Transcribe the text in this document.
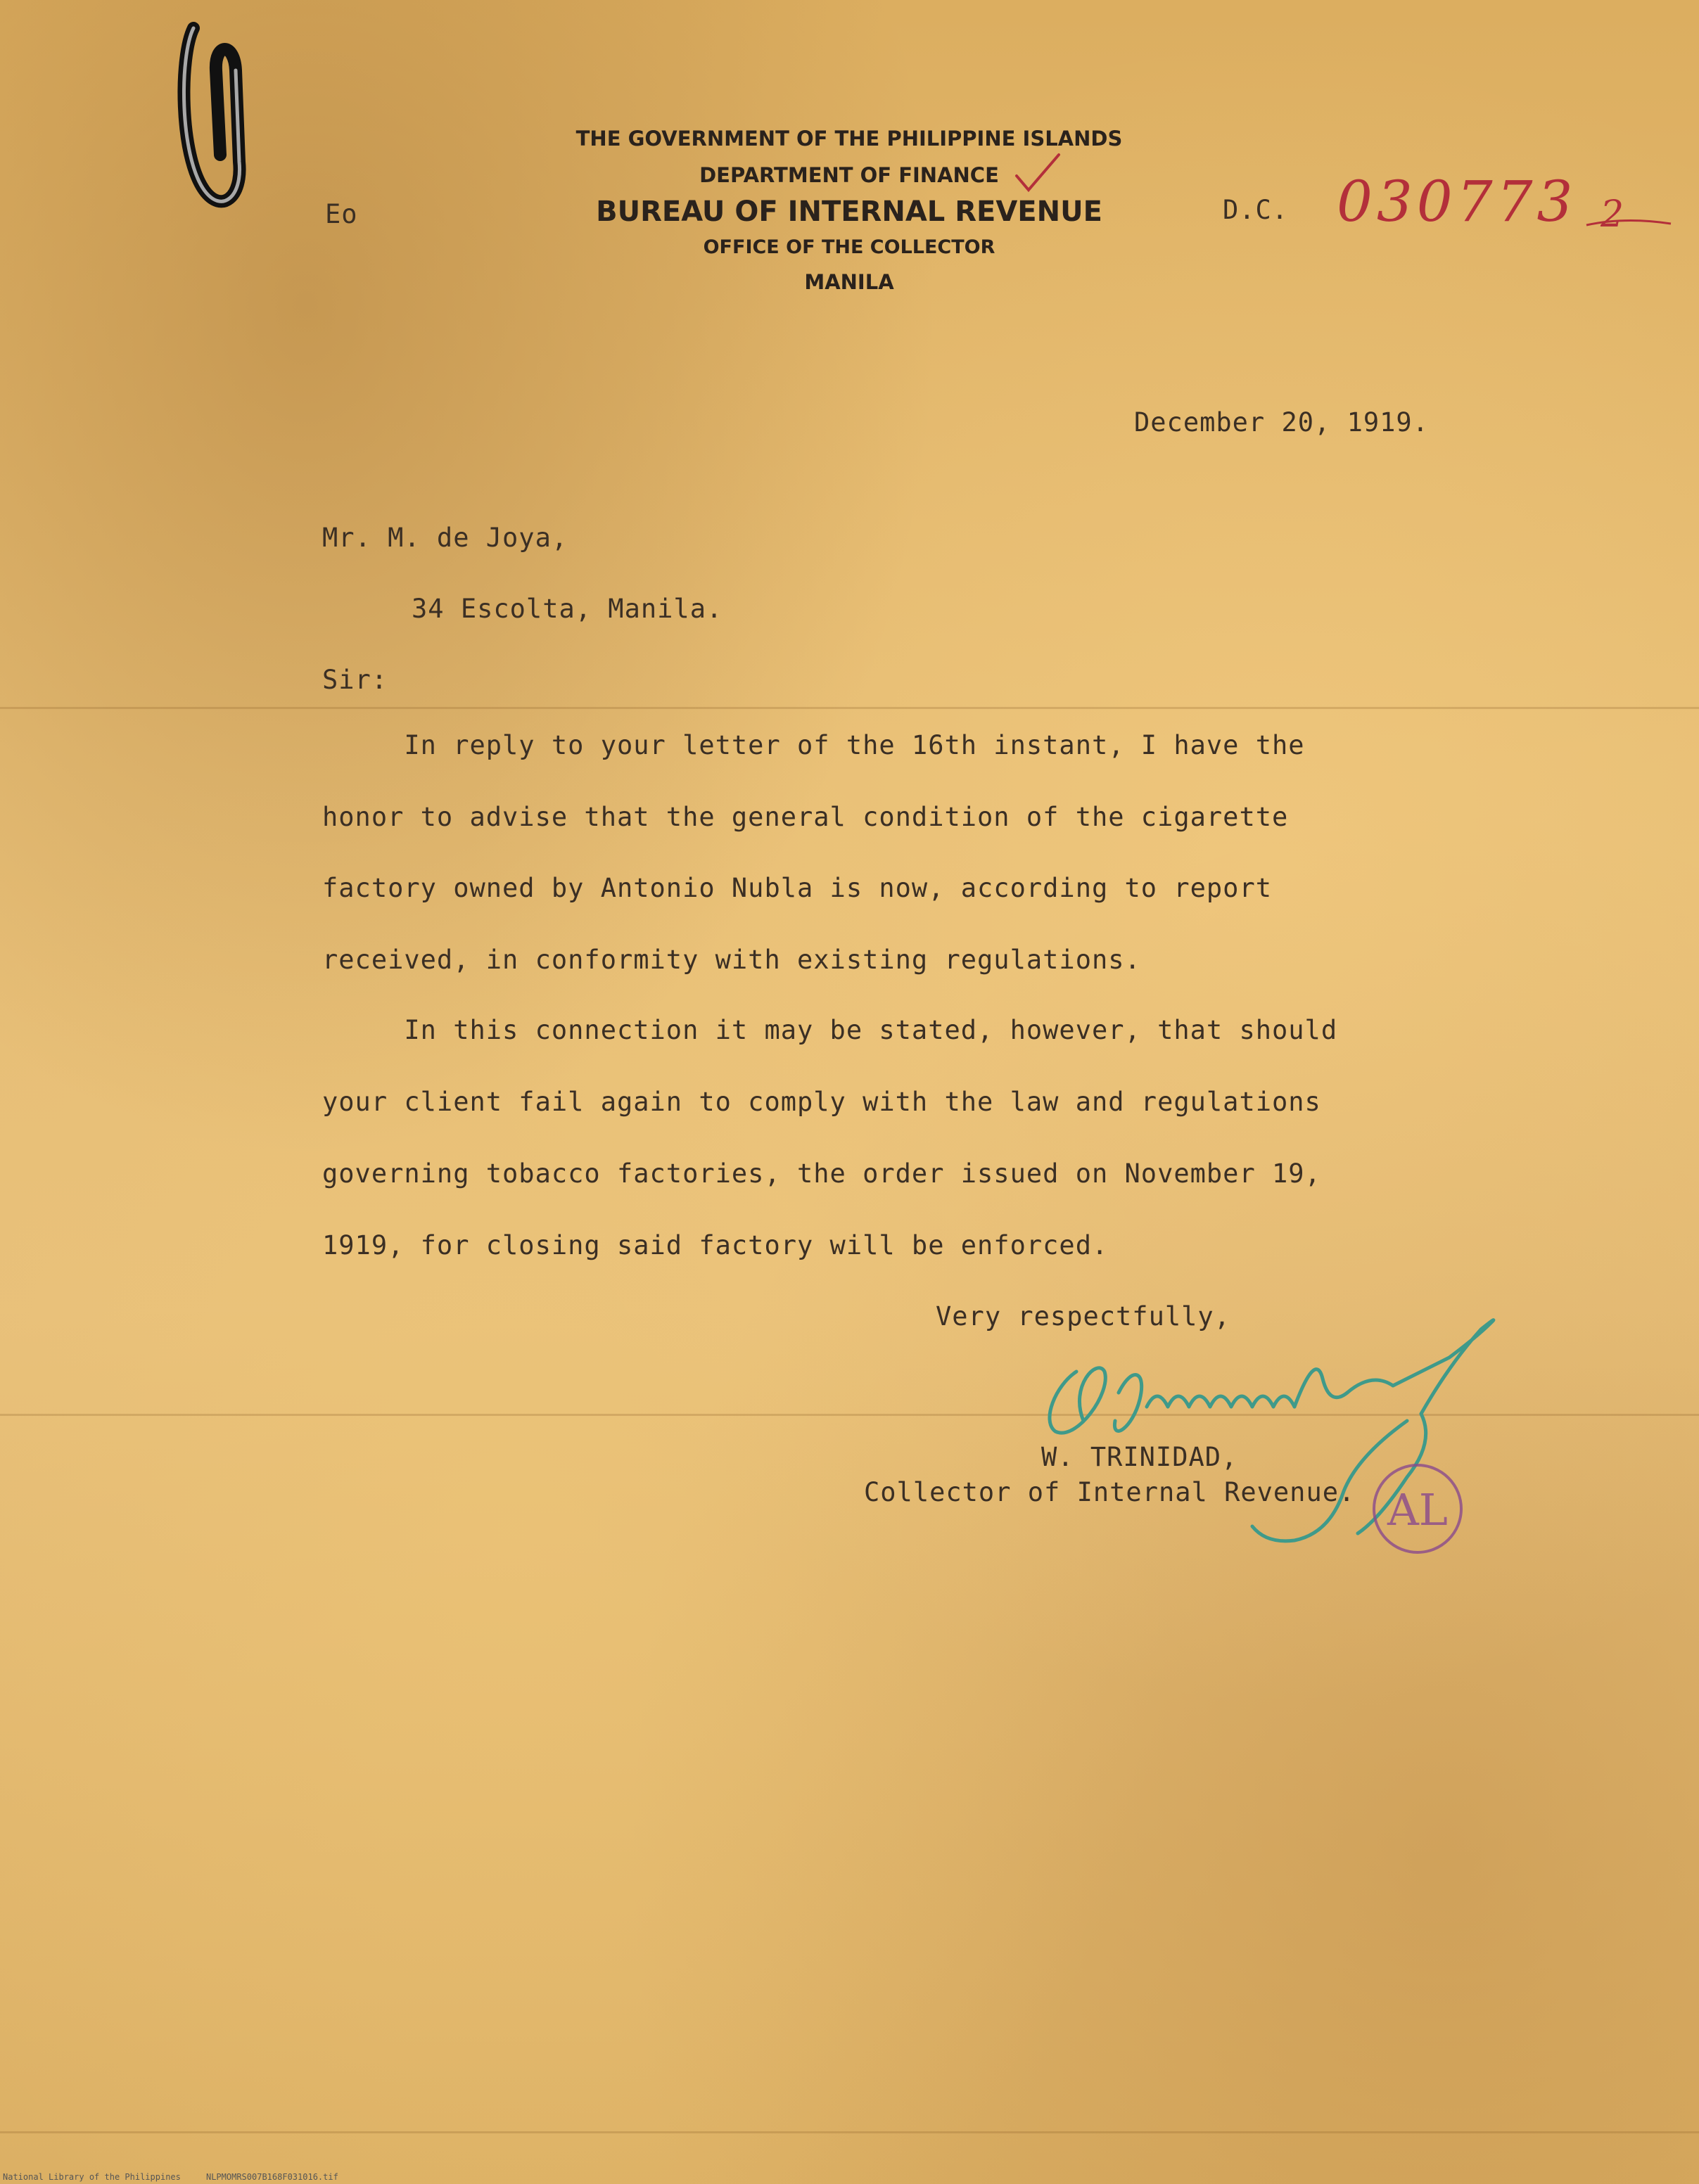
THE GOVERNMENT OF THE PHILIPPINE ISLANDS
DEPARTMENT OF FINANCE
BUREAU OF INTERNAL REVENUE
OFFICE OF THE COLLECTOR
MANILA
Eo	D.C. 030773 2
December 20, 1919.
Mr. M. de Joya,
34 Escolta, Manila.
Sir:
In reply to your letter of the 16th instant, I have the
honor to advise that the general condition of the cigarette
factory owned by Antonio Nubla is now, according to report
received, in conformity with existing regulations.
In this connection it may be stated, however, that should
your client fail again to comply with the law and regulations
governing tobacco factories, the order issued on November 19,
1919, for closing said factory will be enforced.
Very respectfully,
W. TRINIDAD,
Collector of Internal Revenue. AL
National Library of the Philippines     NLPMOMRS007B168F031016.tif
